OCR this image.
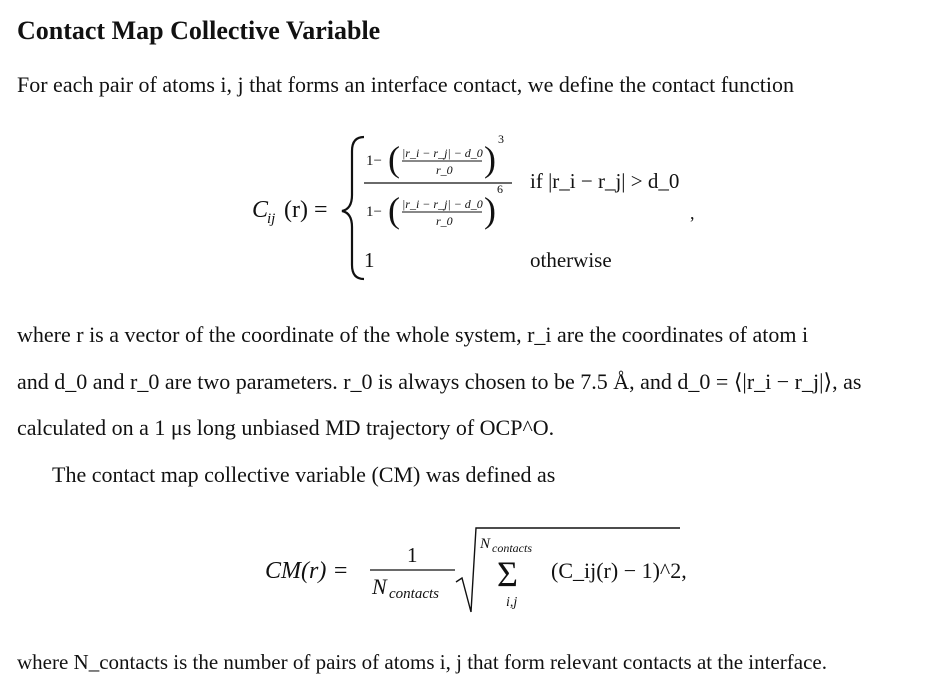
Contact Map Collective Variable
For each pair of atoms i, j that forms an interface contact, we define the contact function
C
ij (r) =
1− ( |r_i − r_j| − d_0
r_0 ) 3
1− ( |r_i − r_j| − d_0
r_0 )
6 if |r_i − r_j| > d_0
,
1	otherwise
where r is a vector of the coordinate of the whole system, r_i are the coordinates of atom i
and d_0 and r_0 are two parameters. r_0 is always chosen to be 7.5 Å, and d_0 = ⟨|r_i − r_j|⟩, as
calculated on a 1 μs long unbiased MD trajectory of OCP^O.
The contact map collective variable (CM) was defined as
CM(r) =
1
N contacts
N contacts
Σ
i,j
(C_ij(r) − 1)^2,
where N_contacts is the number of pairs of atoms i, j that form relevant contacts at the interface.
